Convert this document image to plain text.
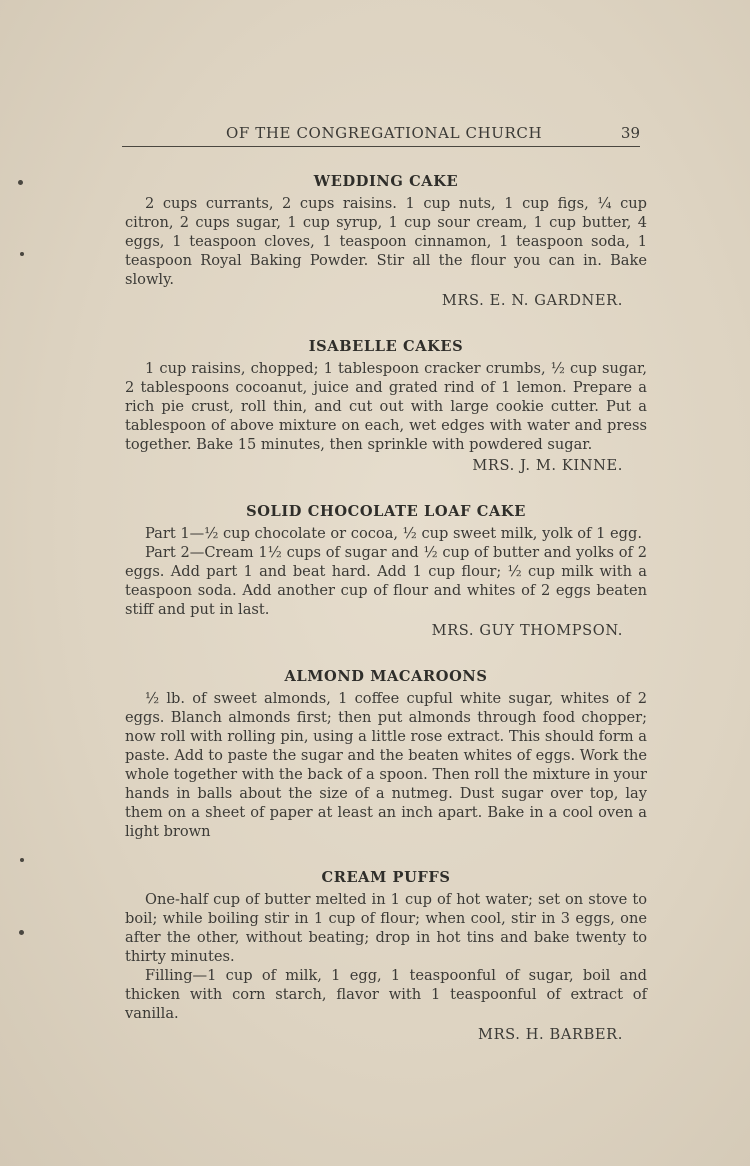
OF THE CONGREGATIONAL CHURCH	39
WEDDING CAKE

2 cups currants, 2 cups raisins. 1 cup nuts, 1 cup figs, ¼ cup citron, 2 cups sugar, 1 cup syrup, 1 cup sour cream, 1 cup butter, 4 eggs, 1 teaspoon cloves, 1 teaspoon cinnamon, 1 teaspoon soda, 1 teaspoon Royal Baking Powder. Stir all the flour you can in. Bake slowly.

MRS. E. N. GARDNER.
ISABELLE CAKES

1 cup raisins, chopped; 1 tablespoon cracker crumbs, ½ cup sugar, 2 tablespoons cocoanut, juice and grated rind of 1 lemon. Prepare a rich pie crust, roll thin, and cut out with large cookie cutter. Put a tablespoon of above mixture on each, wet edges with water and press together. Bake 15 minutes, then sprinkle with powdered sugar.

MRS. J. M. KINNE.
SOLID CHOCOLATE LOAF CAKE

Part 1—½ cup chocolate or cocoa, ½ cup sweet milk, yolk of 1 egg.

Part 2—Cream 1½ cups of sugar and ½ cup of butter and yolks of 2 eggs. Add part 1 and beat hard. Add 1 cup flour; ½ cup milk with a teaspoon soda. Add another cup of flour and whites of 2 eggs beaten stiff and put in last.

MRS. GUY THOMPSON.
ALMOND MACAROONS

½ lb. of sweet almonds, 1 coffee cupful white sugar, whites of 2 eggs. Blanch almonds first; then put almonds through food chopper; now roll with rolling pin, using a little rose extract. This should form a paste. Add to paste the sugar and the beaten whites of eggs. Work the whole together with the back of a spoon. Then roll the mixture in your hands in balls about the size of a nutmeg. Dust sugar over top, lay them on a sheet of paper at least an inch apart. Bake in a cool oven a light brown

CREAM PUFFS

One-half cup of butter melted in 1 cup of hot water; set on stove to boil; while boiling stir in 1 cup of flour; when cool, stir in 3 eggs, one after the other, without beating; drop in hot tins and bake twenty to thirty minutes.

Filling—1 cup of milk, 1 egg, 1 teaspoonful of sugar, boil and thicken with corn starch, flavor with 1 teaspoonful of extract of vanilla.

MRS. H. BARBER.
